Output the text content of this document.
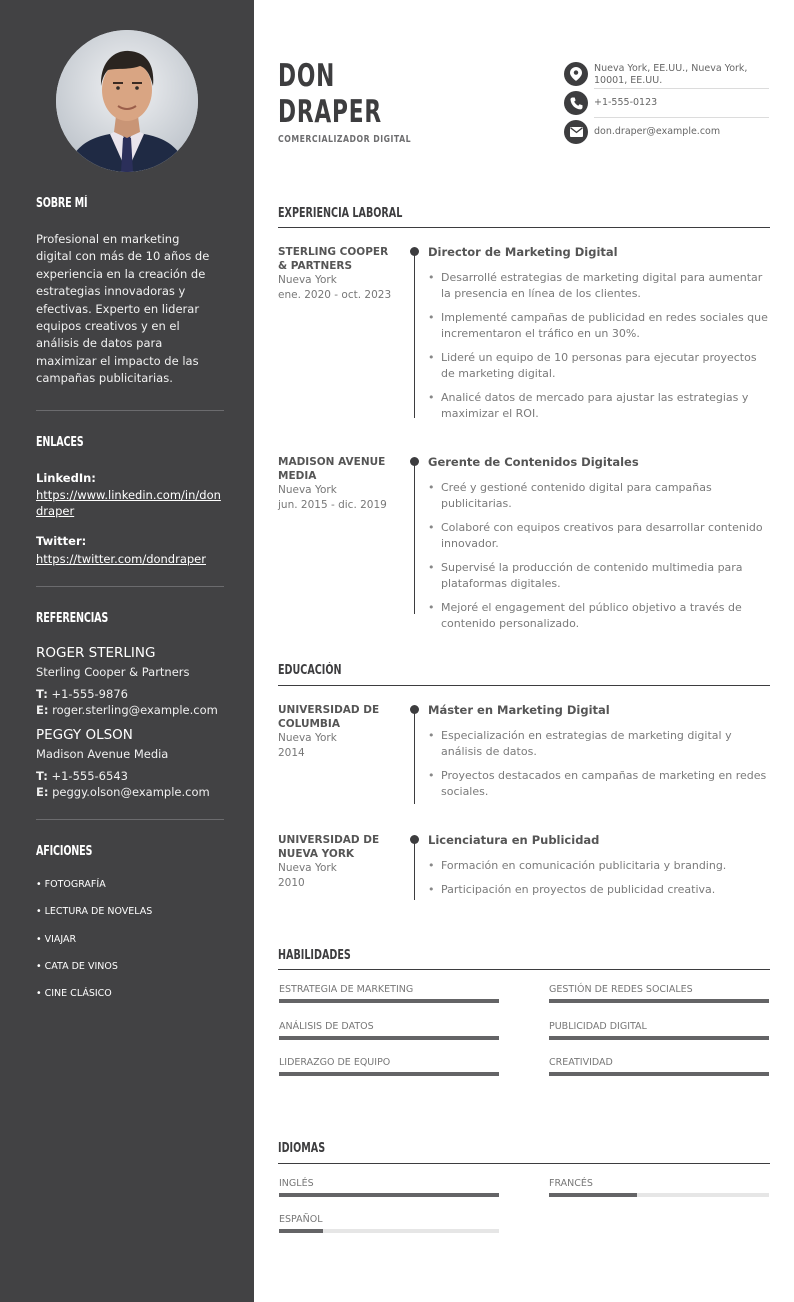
SOBRE MÍ
Profesional en marketing digital con más de 10 años de experiencia en la creación de estrategias innovadoras y efectivas. Experto en liderar equipos creativos y en el análisis de datos para maximizar el impacto de las campañas publicitarias.
ENLACES
LinkedIn:
https://www.linkedin.com/in/dondraper
Twitter:
https://twitter.com/dondraper
REFERENCIAS
ROGER STERLING
Sterling Cooper & Partners
T: +1-555-9876
E: roger.sterling@example.com
PEGGY OLSON
Madison Avenue Media
T: +1-555-6543
E: peggy.olson@example.com
AFICIONES
• FOTOGRAFÍA
• LECTURA DE NOVELAS
• VIAJAR
• CATA DE VINOS
• CINE CLÁSICO
DON
DRAPER
COMERCIALIZADOR DIGITAL
Nueva York, EE.UU., Nueva York, 10001, EE.UU.
+1-555-0123
don.draper@example.com
EXPERIENCIA LABORAL
STERLING COOPER & PARTNERS
Nueva York
ene. 2020 - oct. 2023
Director de Marketing Digital
• Desarrollé estrategias de marketing digital para aumentar la presencia en línea de los clientes.
• Implementé campañas de publicidad en redes sociales que incrementaron el tráfico en un 30%.
• Lideré un equipo de 10 personas para ejecutar proyectos de marketing digital.
• Analicé datos de mercado para ajustar las estrategias y maximizar el ROI.
MADISON AVENUE MEDIA
Nueva York
jun. 2015 - dic. 2019
Gerente de Contenidos Digitales
• Creé y gestioné contenido digital para campañas publicitarias.
• Colaboré con equipos creativos para desarrollar contenido innovador.
• Supervisé la producción de contenido multimedia para plataformas digitales.
• Mejoré el engagement del público objetivo a través de contenido personalizado.
EDUCACIÓN
UNIVERSIDAD DE COLUMBIA
Nueva York
2014
Máster en Marketing Digital
• Especialización en estrategias de marketing digital y análisis de datos.
• Proyectos destacados en campañas de marketing en redes sociales.
UNIVERSIDAD DE NUEVA YORK
Nueva York
2010
Licenciatura en Publicidad
• Formación en comunicación publicitaria y branding.
• Participación en proyectos de publicidad creativa.
HABILIDADES
ESTRATEGIA DE MARKETING	GESTIÓN DE REDES SOCIALES
ANÁLISIS DE DATOS	PUBLICIDAD DIGITAL
LIDERAZGO DE EQUIPO	CREATIVIDAD
IDIOMAS
INGLÉS	FRANCÉS
ESPAÑOL
